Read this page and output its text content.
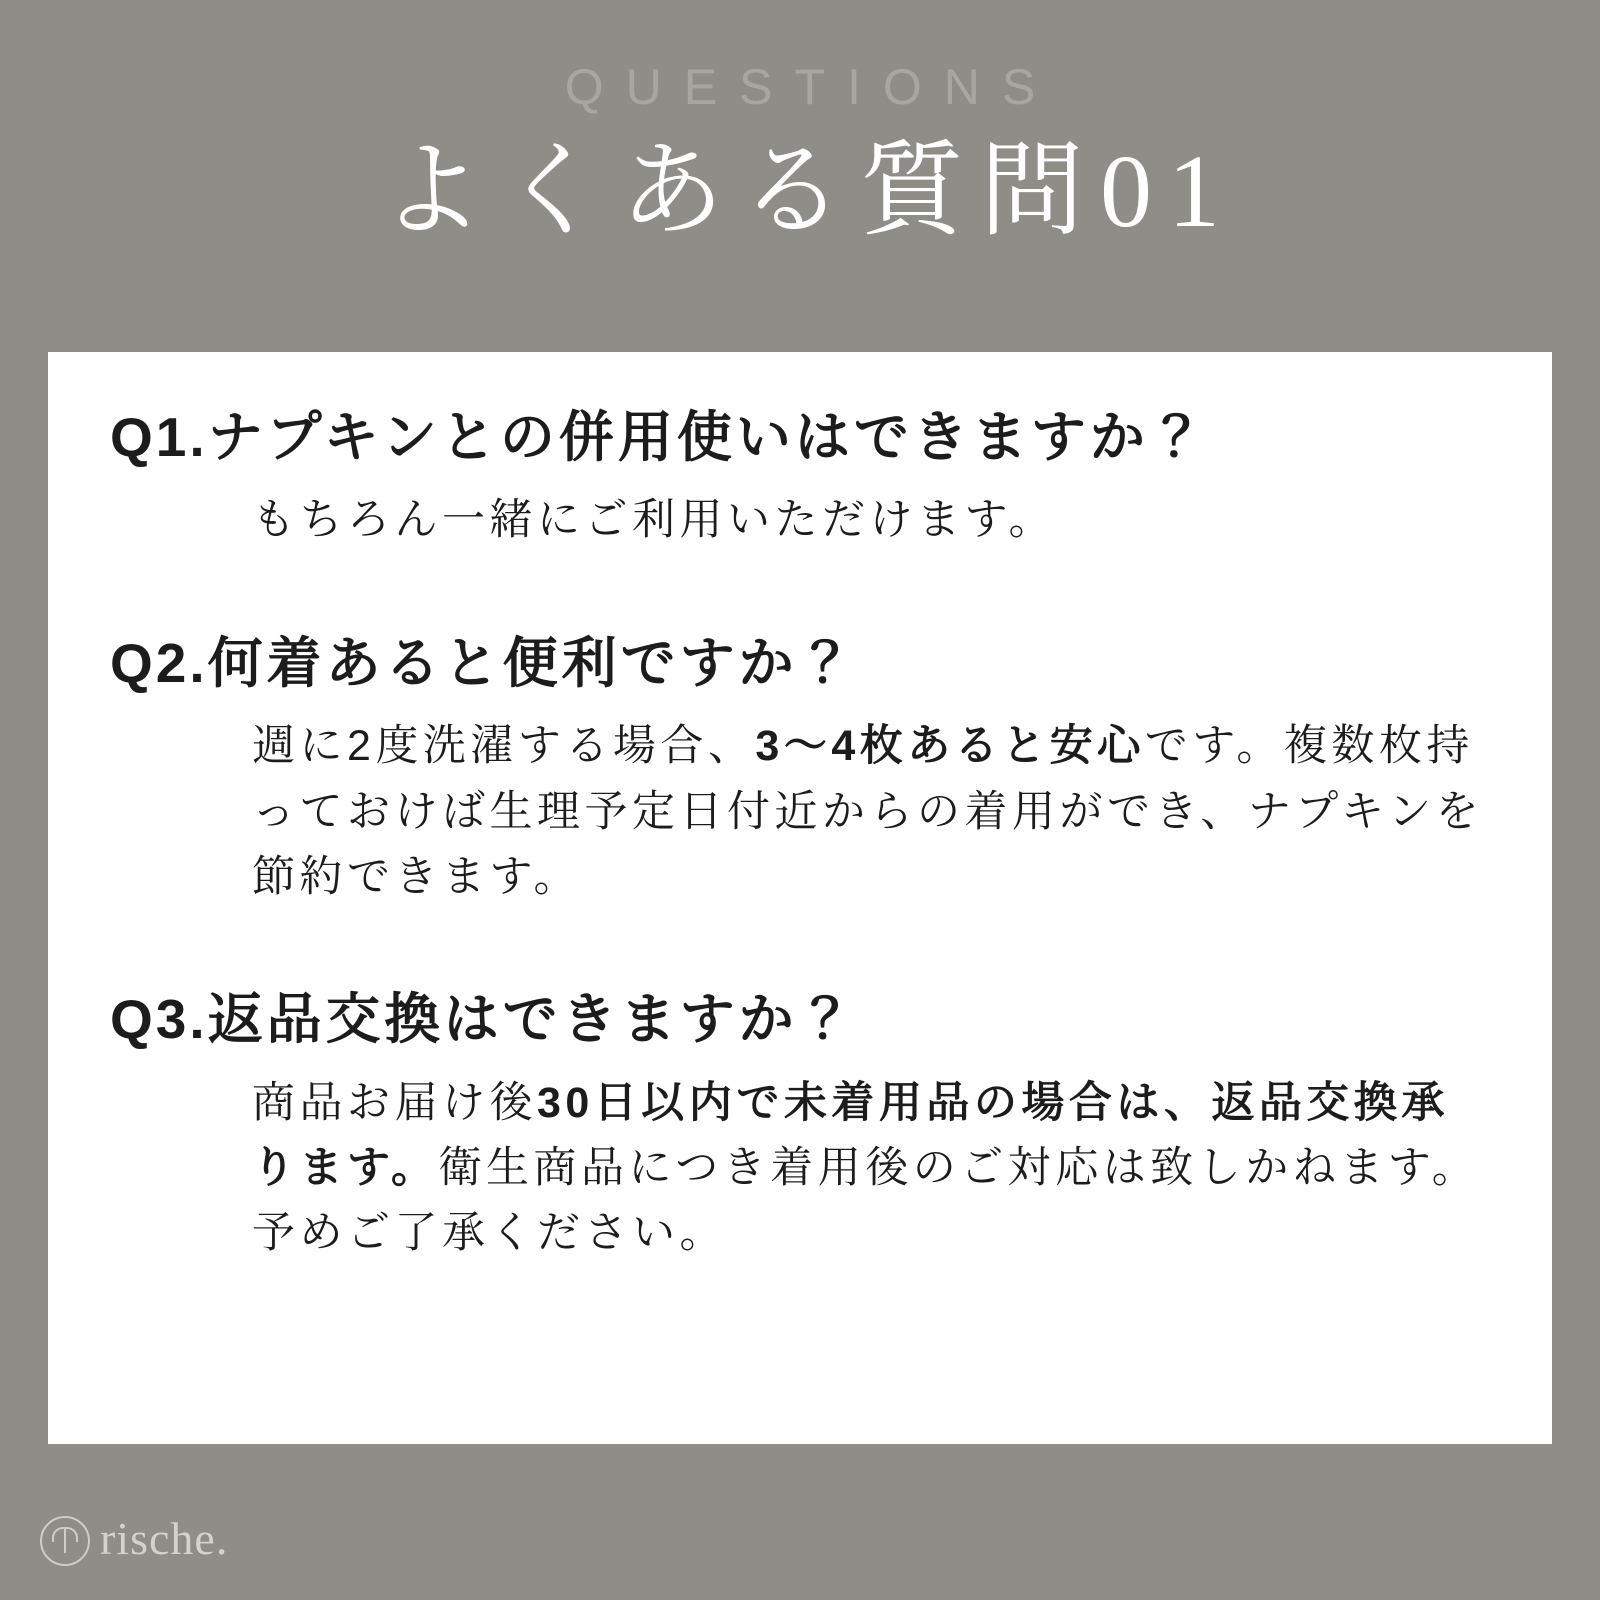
QUESTIONS
よくある質問01
Q1. ナプキンとの併用使いはできますか？
もちろん一緒にご利用いただけます。
Q2. 何着あると便利ですか？
週に2度洗濯する場合、3〜4枚あると安心です。複数枚持っておけば生理予定日付近からの着用ができ、ナプキンを節約できます。
Q3. 返品交換はできますか？
商品お届け後30日以内で未着用品の場合は、返品交換承ります。衛生商品につき着用後のご対応は致しかねます。予めご了承ください。
rische.
